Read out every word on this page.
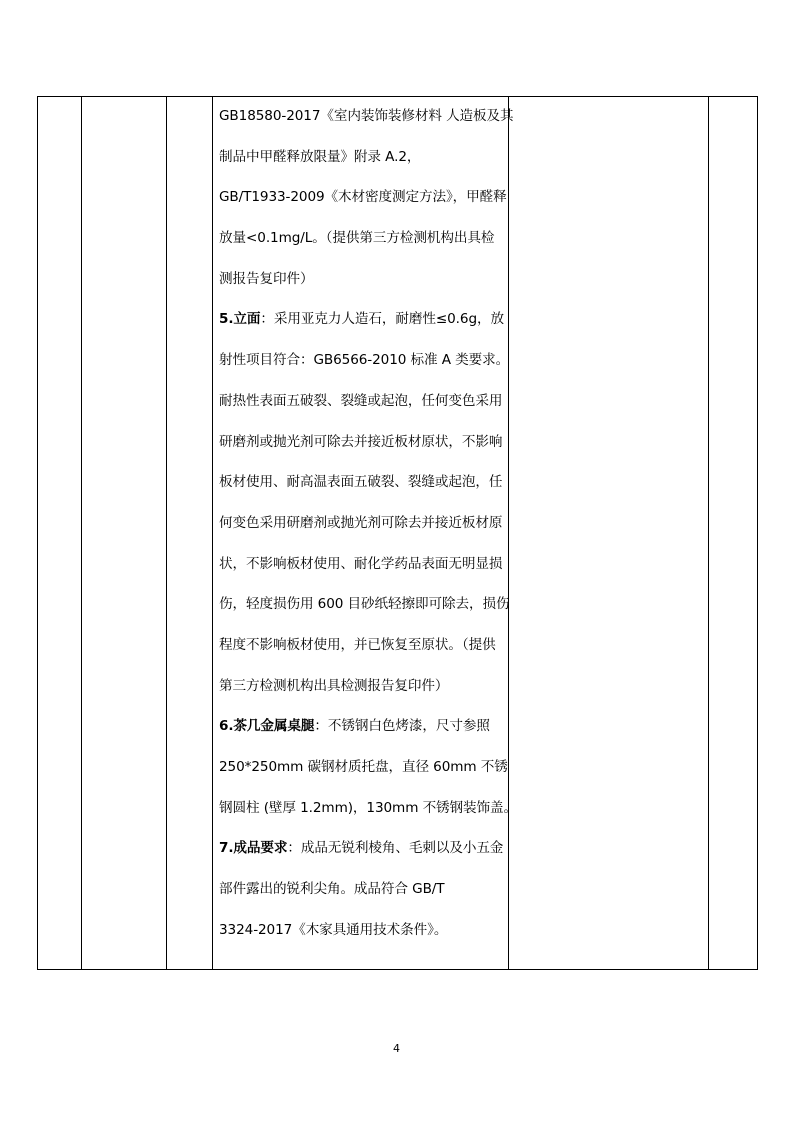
GB18580-2017《室内装饰装修材料 人造板及其
制品中甲醛释放限量》附录 A.2，
GB/T1933-2009《木材密度测定方法》，甲醛释
放量<0.1mg/L。（提供第三方检测机构出具检
测报告复印件）
5.立面：采用亚克力人造石，耐磨性≤0.6g，放
射性项目符合：GB6566-2010 标准 A 类要求。
耐热性表面五破裂、裂缝或起泡，任何变色采用
研磨剂或抛光剂可除去并接近板材原状，不影响
板材使用、耐高温表面五破裂、裂缝或起泡，任
何变色采用研磨剂或抛光剂可除去并接近板材原
状，不影响板材使用、耐化学药品表面无明显损
伤，轻度损伤用 600 目砂纸轻擦即可除去，损伤
程度不影响板材使用，并已恢复至原状。（提供
第三方检测机构出具检测报告复印件）
6.茶几金属桌腿：不锈钢白色烤漆，尺寸参照
250*250mm 碳钢材质托盘，直径 60mm 不锈
钢圆柱 (壁厚 1.2mm)，130mm 不锈钢装饰盖。
7.成品要求：成品无锐利棱角、毛刺以及小五金
部件露出的锐利尖角。成品符合 GB/T
3324-2017《木家具通用技术条件》。

4
